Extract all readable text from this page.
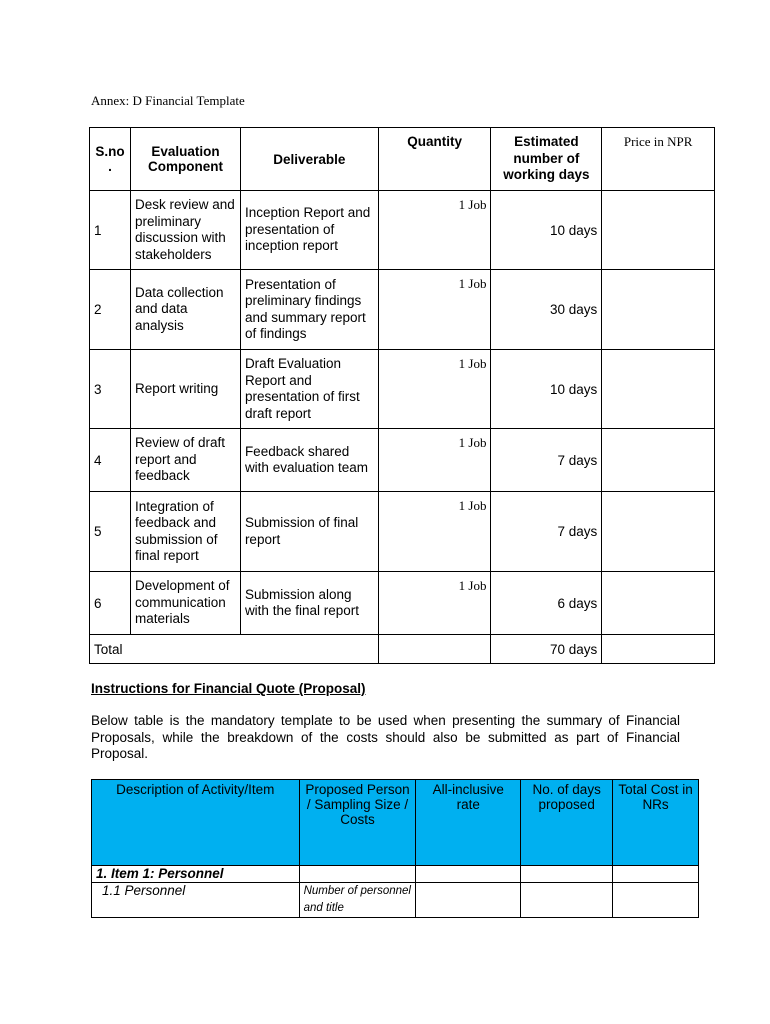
Annex: D Financial Template
S.no .	Evaluation Component	Deliverable	Quantity	Estimated number of working days	Price in NPR
1	Desk review and preliminary discussion with stakeholders	Inception Report and presentation of inception report	1 Job	10 days	
2	Data collection and data analysis	Presentation of preliminary findings and summary report of findings	1 Job	30 days	
3	Report writing	Draft Evaluation Report and presentation of first draft report	1 Job	10 days	
4	Review of draft report and feedback	Feedback shared with evaluation team	1 Job	7 days	
5	Integration of feedback and submission of final report	Submission of final report	1 Job	7 days	
6	Development of communication materials	Submission along with the final report	1 Job	6 days	
Total				70 days	
Instructions for Financial Quote (Proposal)
Below table is the mandatory template to be used when presenting the summary of Financial Proposals, while the breakdown of the costs should also be submitted as part of Financial Proposal.
Description of Activity/Item	Proposed Person / Sampling Size / Costs	All-inclusive rate	No. of days proposed	Total Cost in NRs
1. Item 1: Personnel				
1.1 Personnel	Number of personnel and title			
